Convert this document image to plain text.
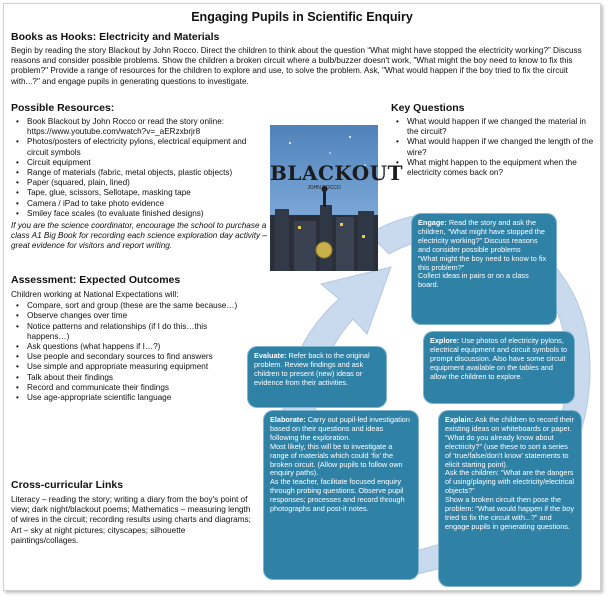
Engaging Pupils in Scientific Enquiry
Books as Hooks: Electricity and Materials
Begin by reading the story Blackout by John Rocco. Direct the children to think about the question “What might have stopped the electricity working?” Discuss reasons and consider possible problems. Show the children a broken circuit where a bulb/buzzer doesn't work, "What might the boy need to know to fix this problem?" Provide a range of resources for the children to explore and use, to solve the problem. Ask, "What would happen if the boy tried to fix the circuit with...?" and engage pupils in generating questions to investigate.
Possible Resources:
• Book Blackout by John Rocco or read the story online: https://www.youtube.com/watch?v=_aERzxbrjr8
• Photos/posters of electricity pylons, electrical equipment and circuit symbols
• Circuit equipment
• Range of materials (fabric, metal objects, plastic objects)
• Paper (squared, plain, lined)
• Tape, glue, scissors, Sellotape, masking tape
• Camera / iPad to take photo evidence
• Smiley face scales (to evaluate finished designs)
If you are the science coordinator, encourage the school to purchase a class A1 Big Book for recording each science exploration day activity – great evidence for visitors and report writing.
BLACKOUT
JOHN ROCCO
Key Questions
• What would happen if we changed the material in the circuit?
• What would happen if we changed the length of the wire?
• What might happen to the equipment when the electricity comes back on?
Assessment: Expected Outcomes
Children working at National Expectations will:
• Compare, sort and group (these are the same because…)
• Observe changes over time
• Notice patterns and relationships (if I do this…this happens…)
• Ask questions (what happens if I…?)
• Use people and secondary sources to find answers
• Use simple and appropriate measuring equipment
• Talk about their findings
• Record and communicate their findings
• Use age-appropriate scientific language
Cross-curricular Links
Literacy – reading the story; writing a diary from the boy's point of view; dark night/blackout poems; Mathematics – measuring length of wires in the circuit; recording results using charts and diagrams; Art – sky at night pictures; cityscapes; silhouette paintings/collages.

Engage: Read the story and ask the children, “What might have stopped the electricity working?” Discuss reasons and consider possible problems

“What might the boy need to know to fix this problem?”

Collect ideas in pairs or on a class board.

Explore: Use photos of electricity pylons, electrical equipment and circuit symbols to prompt discussion. Also have some circuit equipment available on the tables and allow the children to explore.

Evaluate: Refer back to the original problem. Review findings and ask children to present (new) ideas or evidence from their activities.

Elaborate: Carry out pupil-led investigation based on their questions and ideas following the exploration.

Most likely, this will be to investigate a range of materials which could ‘fix’ the broken circuit. (Allow pupils to follow own enquiry paths).

As the teacher, facilitate focused enquiry through probing questions. Observe pupil responses; processes and record through photographs and post-it notes.

Explain: Ask the children to record their existing ideas on whiteboards or paper.

“What do you already know about electricity?” (use these to sort a series of ‘true/false/don't know’ statements to elicit starting point).

Ask the children: “What are the dangers of using/playing with electricity/electrical objects?”

Show a broken circuit then pose the problem: “What would happen if the boy tried to fix the circuit with...?” and engage pupils in generating questions.
